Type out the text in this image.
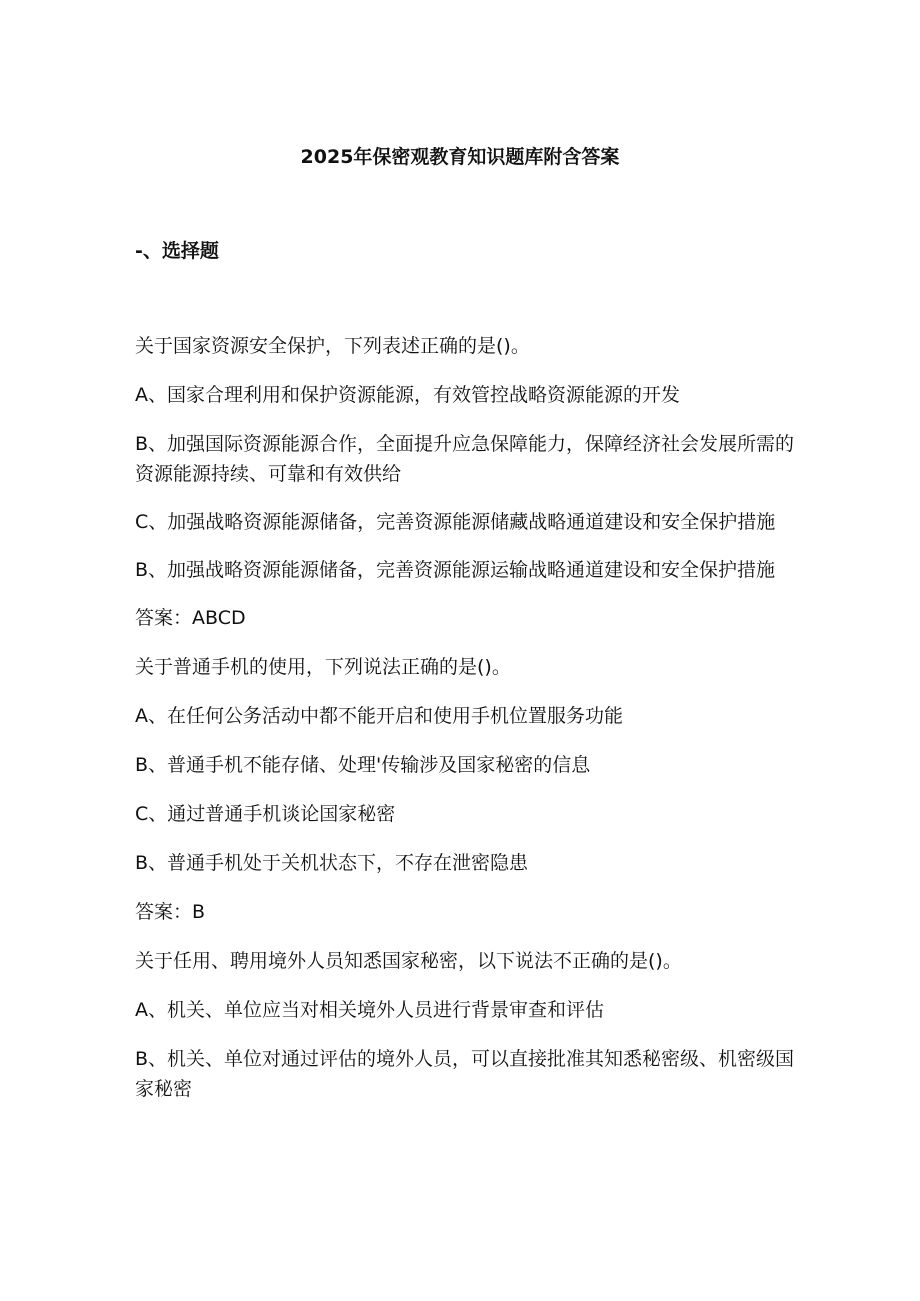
2025年保密观教育知识题库附含答案
-、选择题

关于国家资源安全保护，下列表述正确的是()。

A、国家合理利用和保护资源能源，有效管控战略资源能源的开发

B、加强国际资源能源合作，全面提升应急保障能力，保障经济社会发展所需的资源能源持续、可靠和有效供给

C、加强战略资源能源储备，完善资源能源储藏战略通道建设和安全保护措施

B、加强战略资源能源储备，完善资源能源运输战略通道建设和安全保护措施

答案：ABCD

关于普通手机的使用，下列说法正确的是()。

A、在任何公务活动中都不能开启和使用手机位置服务功能

B、普通手机不能存储、处理'传输涉及国家秘密的信息

C、通过普通手机谈论国家秘密

B、普通手机处于关机状态下，不存在泄密隐患

答案：B

关于任用、聘用境外人员知悉国家秘密，以下说法不正确的是()。

A、机关、单位应当对相关境外人员进行背景审查和评估

B、机关、单位对通过评估的境外人员，可以直接批准其知悉秘密级、机密级国家秘密
